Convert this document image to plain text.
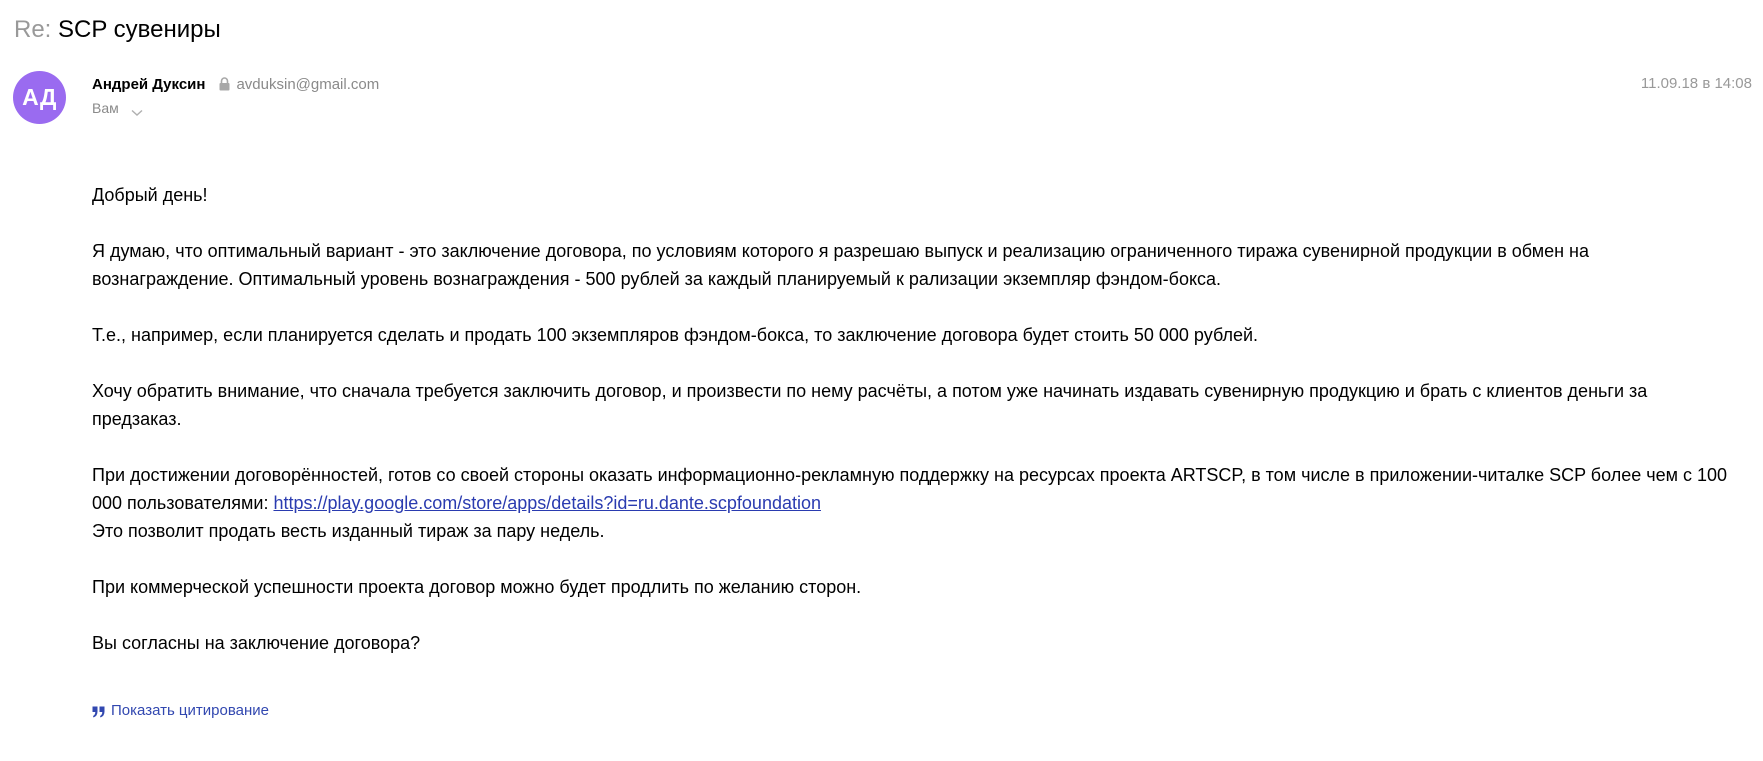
Re: SCP сувениры
АД	Андрей Дуксин avduksin@gmail.com
Вам
11.09.18 в 14:08

Добрый день!

Я думаю, что оптимальный вариант - это заключение договора, по условиям которого я разрешаю выпуск и реализацию ограниченного тиража сувенирной продукции в обмен на вознаграждение. Оптимальный уровень вознаграждения - 500 рублей за каждый планируемый к рализации экземпляр фэндом-бокса.

Т.е., например, если планируется сделать и продать 100 экземпляров фэндом-бокса, то заключение договора будет стоить 50 000 рублей.

Хочу обратить внимание, что сначала требуется заключить договор, и произвести по нему расчёты, а потом уже начинать издавать сувенирную продукцию и брать с клиентов деньги за предзаказ.

При достижении договорённостей, готов со своей стороны оказать информационно-рекламную поддержку на ресурсах проекта ARTSCP, в том числе в приложении-читалке SCP более чем с 100 000 пользователями: https://play.google.com/store/apps/details?id=ru.dante.scpfoundation
Это позволит продать весть изданный тираж за пару недель.

При коммерческой успешности проекта договор можно будет продлить по желанию сторон.

Вы согласны на заключение договора?

Показать цитирование
